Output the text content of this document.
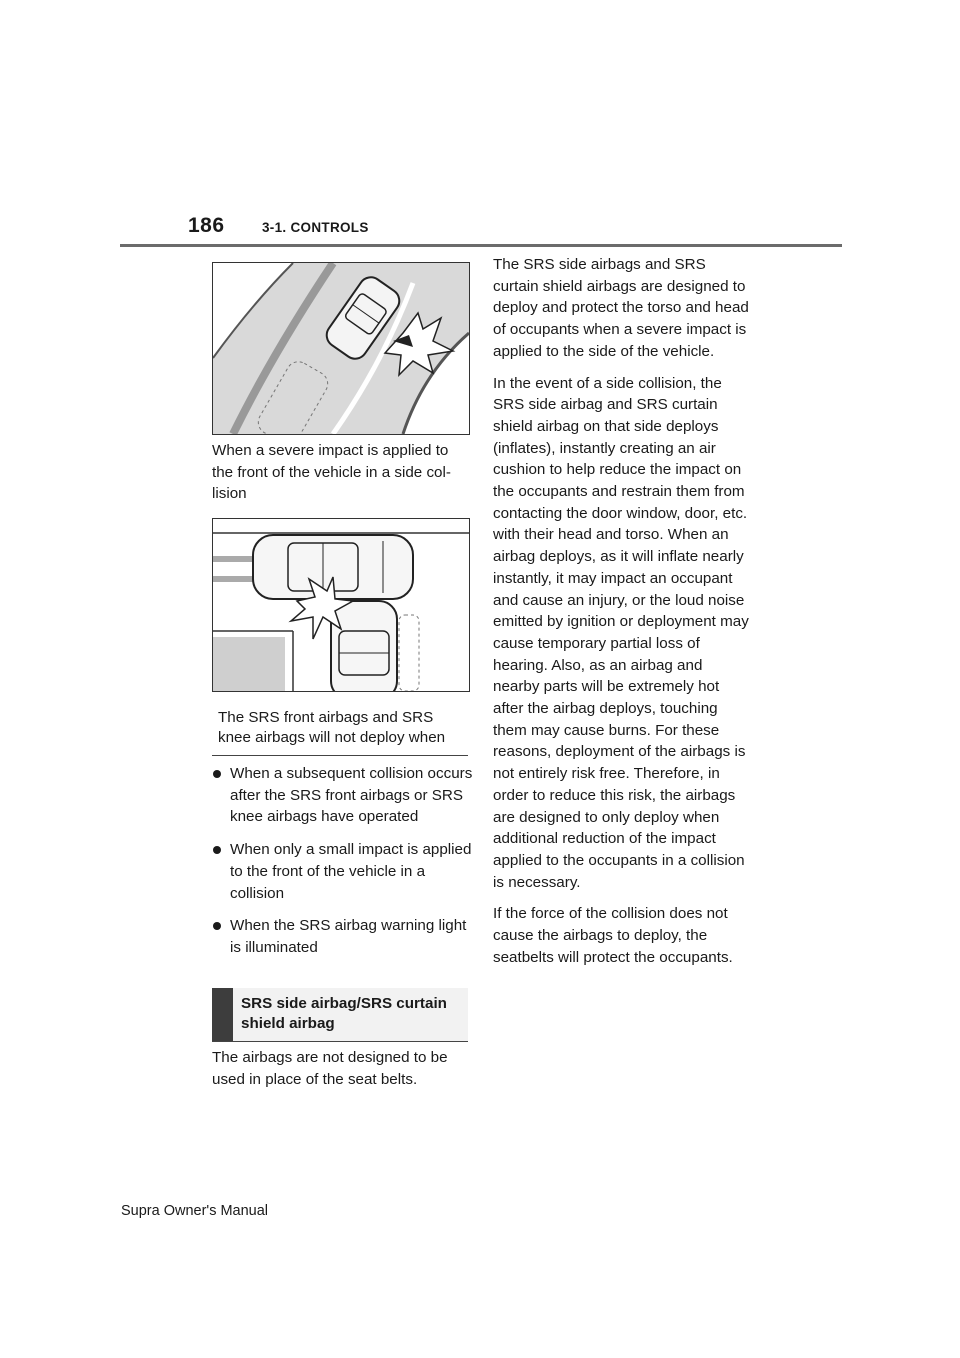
186	3-1. CONTROLS
When a severe impact is applied to the front of the vehicle in a side col-lision
The SRS front airbags and SRS
knee airbags will not deploy when
When a subsequent collision occurs after the SRS front airbags or SRS knee airbags have operated
When only a small impact is applied to the front of the vehicle in a collision
When the SRS airbag warning light is illuminated
SRS side airbag/SRS curtain
shield airbag
The airbags are not designed to be used in place of the seat belts.

The SRS side airbags and SRS curtain shield airbags are designed to deploy and protect the torso and head of occupants when a severe impact is applied to the side of the vehicle.

In the event of a side collision, the SRS side airbag and SRS curtain shield airbag on that side deploys (inflates), instantly creating an air cushion to help reduce the impact on the occupants and restrain them from contacting the door window, door, etc. with their head and torso. When an airbag deploys, as it will inflate nearly instantly, it may impact an occupant and cause an injury, or the loud noise emitted by ignition or deployment may cause temporary partial loss of hearing. Also, as an airbag and nearby parts will be extremely hot after the airbag deploys, touching them may cause burns. For these reasons, deployment of the airbags is not entirely risk free. Therefore, in order to reduce this risk, the airbags are designed to only deploy when additional reduction of the impact applied to the occupants in a collision is necessary.

If the force of the collision does not cause the airbags to deploy, the seatbelts will protect the occupants.

Supra Owner's Manual
